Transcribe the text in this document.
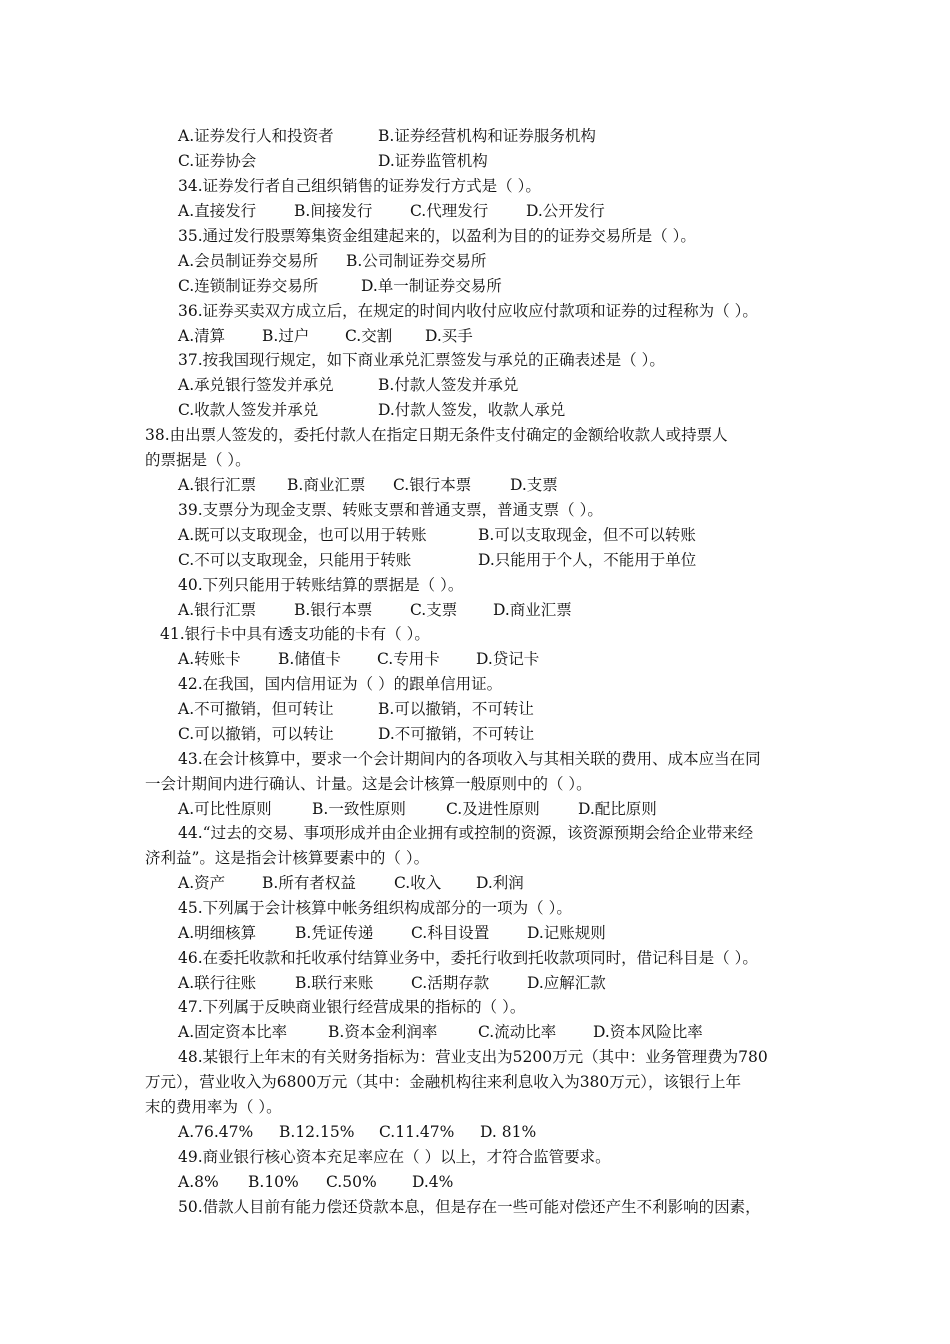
A.证券发行人和投资者	B.证券经营机构和证券服务机构
C.证券协会	D.证券监管机构
34.证券发行者自己组织销售的证券发行方式是（ ）。
A.直接发行 B.间接发行 C.代理发行 D.公开发行
35.通过发行股票筹集资金组建起来的，以盈利为目的的证券交易所是（ ）。
A.会员制证券交易所 B.公司制证券交易所
C.连锁制证券交易所	D.单一制证券交易所
36.证券买卖双方成立后，在规定的时间内收付应收应付款项和证券的过程称为（ ）。
A.清算 B.过户 C.交割 D.买手
37.按我国现行规定，如下商业承兑汇票签发与承兑的正确表述是（ ）。
A.承兑银行签发并承兑	B.付款人签发并承兑
C.收款人签发并承兑	D.付款人签发，收款人承兑
38.由出票人签发的，委托付款人在指定日期无条件支付确定的金额给收款人或持票人
的票据是（ ）。
A.银行汇票 B.商业汇票 C.银行本票	D.支票
39.支票分为现金支票、转账支票和普通支票，普通支票（ ）。
A.既可以支取现金，也可以用于转账	B.可以支取现金，但不可以转账
C.不可以支取现金，只能用于转账	D.只能用于个人，不能用于单位
40.下列只能用于转账结算的票据是（ ）。
A.银行汇票 B.银行本票 C.支票 D.商业汇票
41.银行卡中具有透支功能的卡有（ ）。
A.转账卡 B.储值卡 C.专用卡 D.贷记卡
42.在我国，国内信用证为（ ）的跟单信用证。
A.不可撤销，但可转让	B.可以撤销，不可转让
C.可以撤销，可以转让	D.不可撤销，不可转让
43.在会计核算中，要求一个会计期间内的各项收入与其相关联的费用、成本应当在同
一会计期间内进行确认、计量。这是会计核算一般原则中的（ ）。
A.可比性原则	B.一致性原则	C.及进性原则 D.配比原则
44.“过去的交易、事项形成并由企业拥有或控制的资源，该资源预期会给企业带来经
济利益”。这是指会计核算要素中的（ ）。
A.资产 B.所有者权益 C.收入 D.利润
45.下列属于会计核算中帐务组织构成部分的一项为（ ）。
A.明细核算	B.凭证传递 C.科目设置 D.记账规则
46.在委托收款和托收承付结算业务中，委托行收到托收款项同时，借记科目是（ ）。
A.联行往账	B.联行来账 C.活期存款 D.应解汇款
47.下列属于反映商业银行经营成果的指标的（ ）。
A.固定资本比率	B.资本金利润率	C.流动比率 D.资本风险比率
48.某银行上年末的有关财务指标为：营业支出为5200万元（其中：业务管理费为780
万元），营业收入为6800万元（其中：金融机构往来利息收入为380万元），该银行上年
末的费用率为（ ）。
A.76.47% B.12.15% C.11.47% D. 81%
49.商业银行核心资本充足率应在（ ）以上，才符合监管要求。
A.8% B.10% C.50% D.4%
50.借款人目前有能力偿还贷款本息，但是存在一些可能对偿还产生不利影响的因素，
